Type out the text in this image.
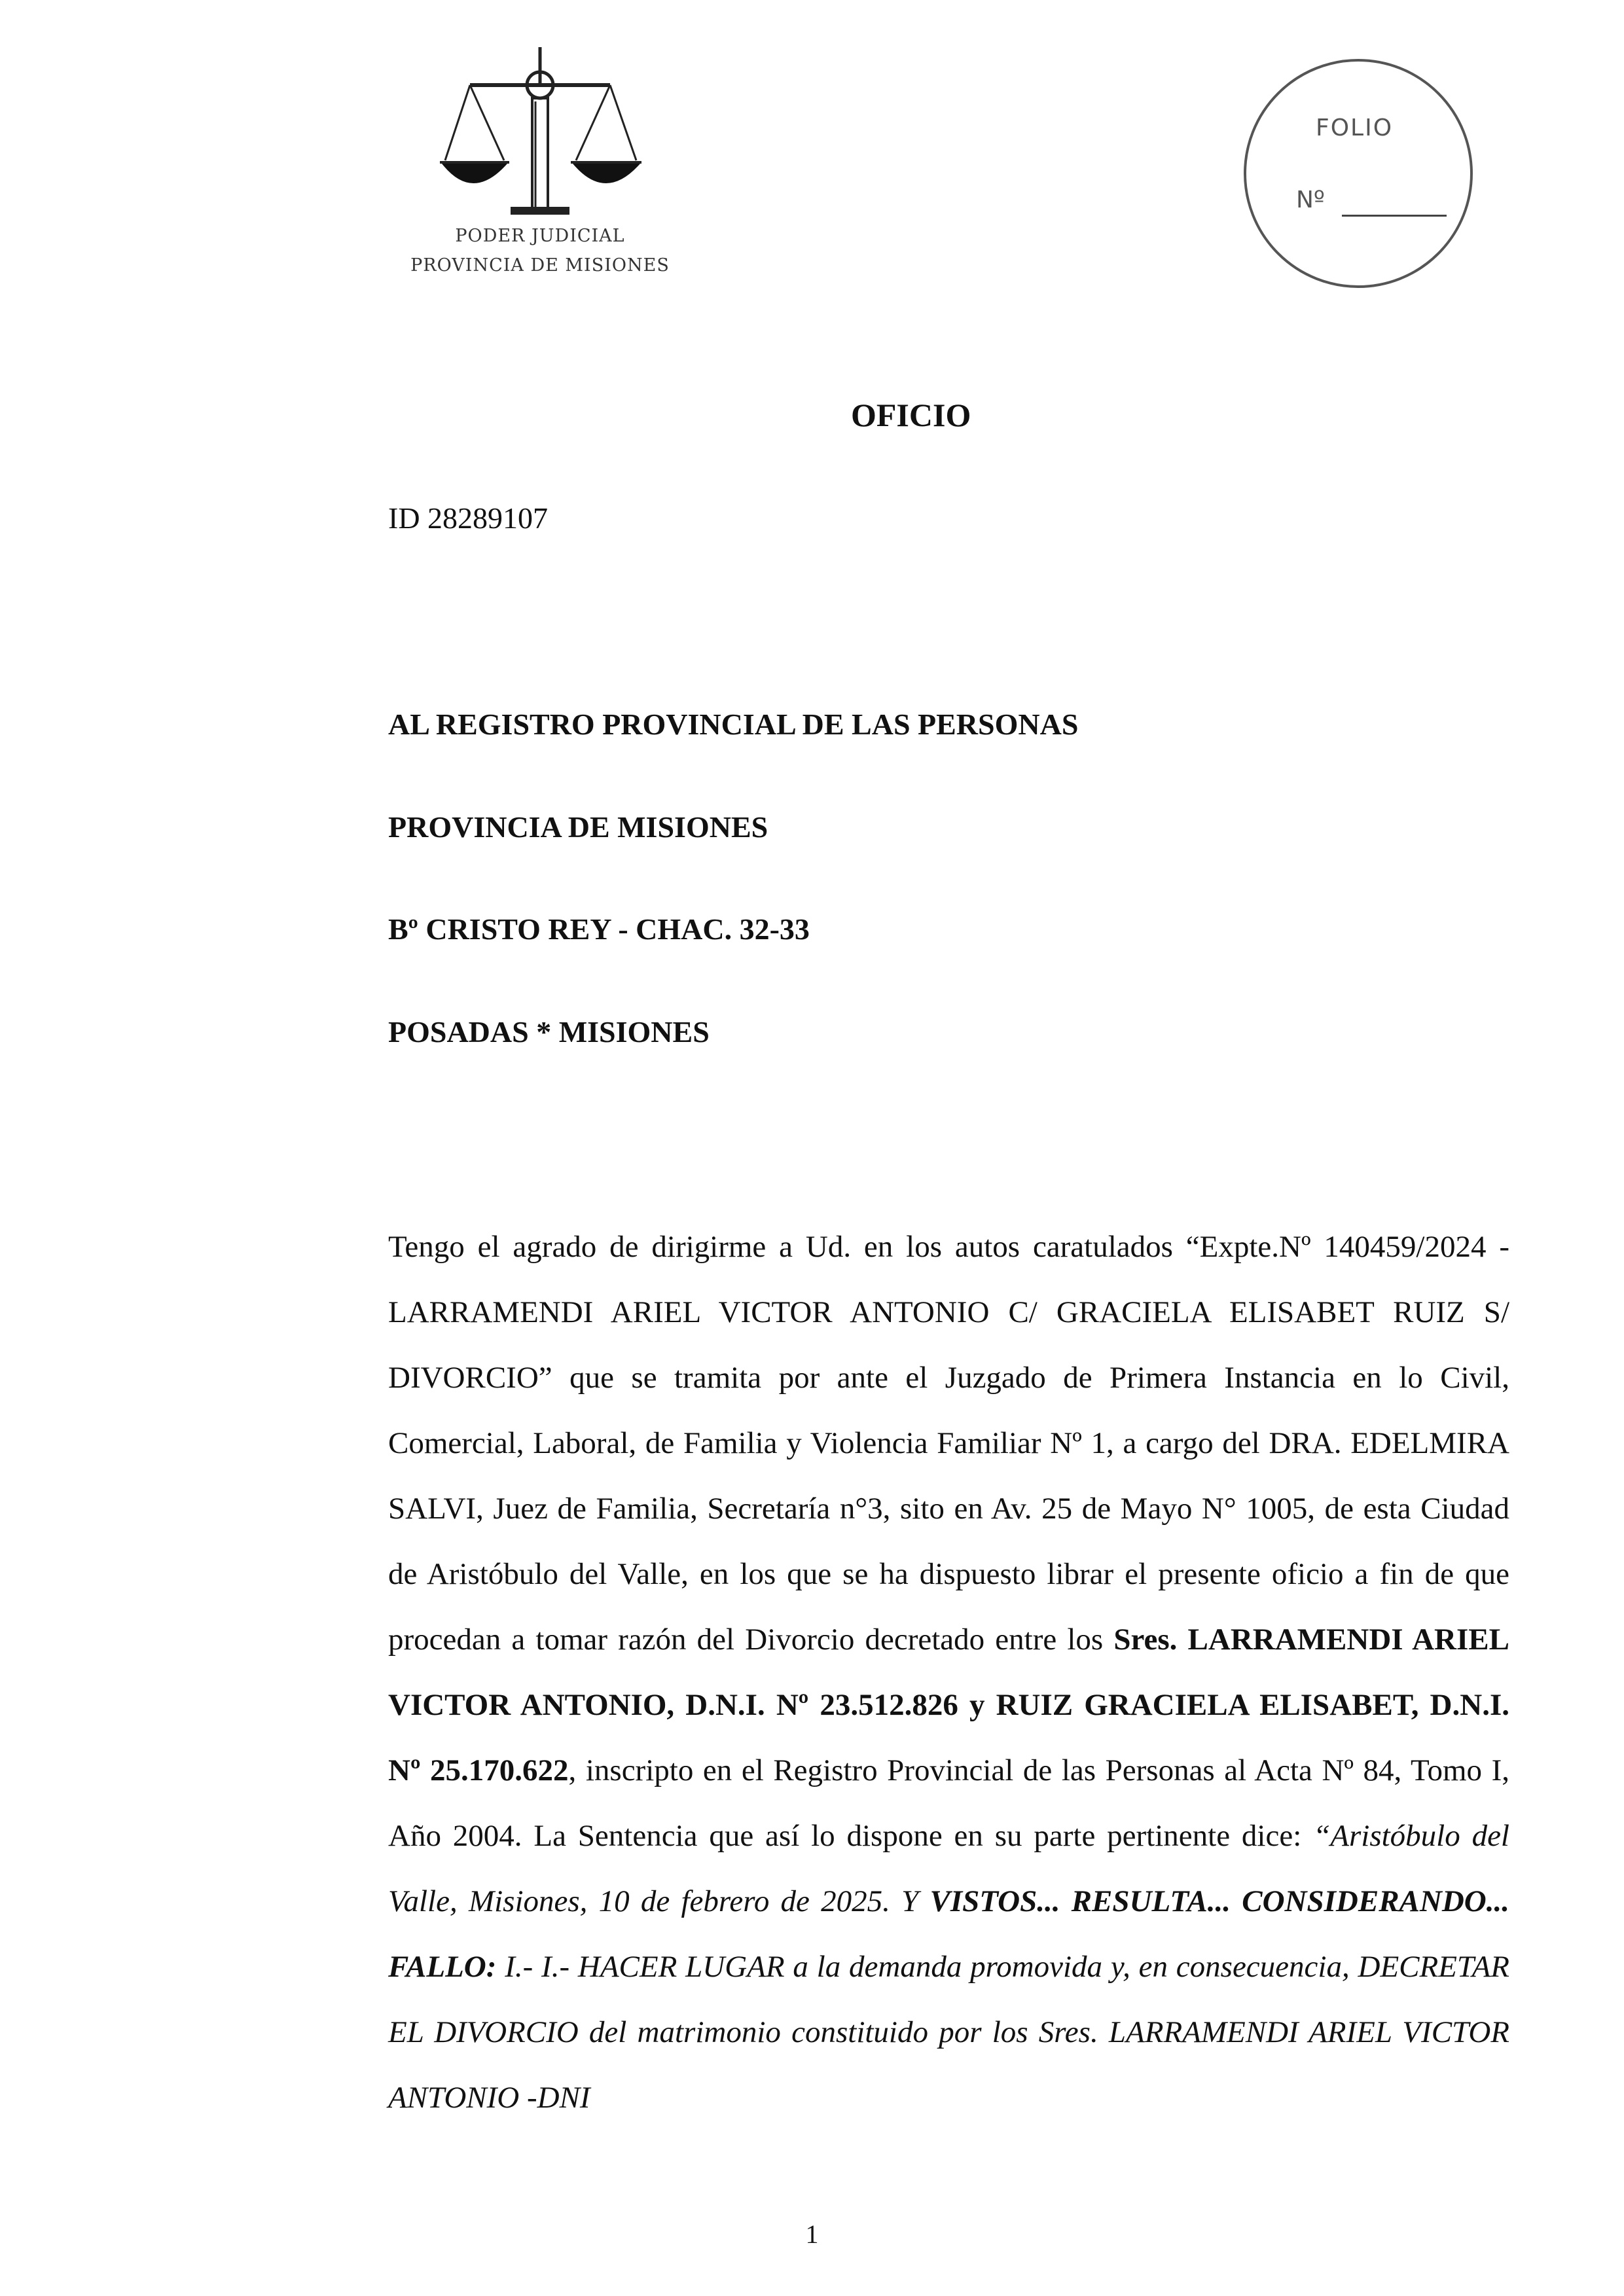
PODER JUDICIAL
PROVINCIA DE MISIONES
FOLIO
Nº
OFICIO
ID 28289107
AL REGISTRO PROVINCIAL DE LAS PERSONAS
PROVINCIA DE MISIONES
Bº CRISTO REY - CHAC. 32-33
POSADAS * MISIONES
Tengo el agrado de dirigirme a Ud. en los autos caratulados “Expte.Nº 140459/2024 - LARRAMENDI ARIEL VICTOR ANTONIO C/ GRACIELA ELISABET RUIZ S/ DIVORCIO” que se tramita por ante el Juzgado de Primera Instancia en lo Civil, Comercial, Laboral, de Familia y Violencia Familiar Nº 1, a cargo del DRA. EDELMIRA SALVI, Juez de Familia, Secretaría n°3, sito en Av. 25 de Mayo N° 1005, de esta Ciudad de Aristóbulo del Valle, en los que se ha dispuesto librar el presente oficio a fin de que procedan a tomar razón del Divorcio decretado entre los Sres. LARRAMENDI ARIEL VICTOR ANTONIO, D.N.I. Nº 23.512.826 y RUIZ GRACIELA ELISABET, D.N.I. Nº 25.170.622, inscripto en el Registro Provincial de las Personas al Acta Nº 84, Tomo I, Año 2004. La Sentencia que así lo dispone en su parte pertinente dice: “Aristóbulo del Valle, Misiones, 10 de febrero de 2025. Y VISTOS... RESULTA... CONSIDERANDO... FALLO: I.- I.- HACER LUGAR a la demanda promovida y, en consecuencia, DECRETAR EL DIVORCIO del matrimonio constituido por los Sres. LARRAMENDI ARIEL VICTOR ANTONIO -DNI
1
